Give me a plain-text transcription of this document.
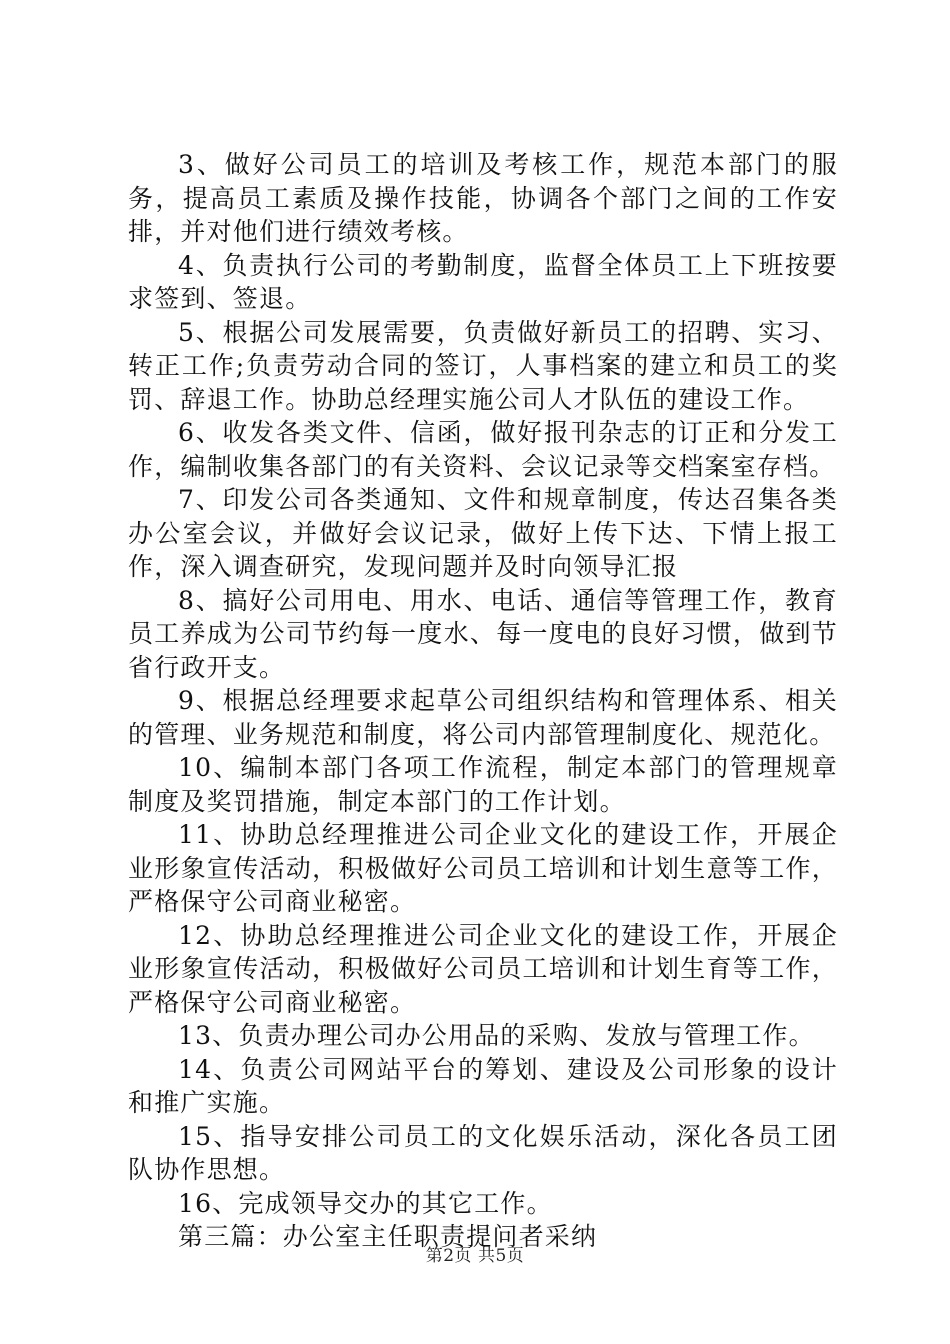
3、做好公司员工的培训及考核工作，规范本部门的服务，提高员工素质及操作技能，协调各个部门之间的工作安排，并对他们进行绩效考核。

4、负责执行公司的考勤制度，监督全体员工上下班按要求签到、签退。

5、根据公司发展需要，负责做好新员工的招聘、实习、转正工作;负责劳动合同的签订，人事档案的建立和员工的奖罚、辞退工作。协助总经理实施公司人才队伍的建设工作。

6、收发各类文件、信函，做好报刊杂志的订正和分发工作，编制收集各部门的有关资料、会议记录等交档案室存档。

7、印发公司各类通知、文件和规章制度，传达召集各类办公室会议，并做好会议记录，做好上传下达、下情上报工作，深入调查研究，发现问题并及时向领导汇报

8、搞好公司用电、用水、电话、通信等管理工作，教育员工养成为公司节约每一度水、每一度电的良好习惯，做到节省行政开支。

9、根据总经理要求起草公司组织结构和管理体系、相关的管理、业务规范和制度，将公司内部管理制度化、规范化。

10、编制本部门各项工作流程，制定本部门的管理规章制度及奖罚措施，制定本部门的工作计划。

11、协助总经理推进公司企业文化的建设工作，开展企业形象宣传活动，积极做好公司员工培训和计划生意等工作，严格保守公司商业秘密。

12、协助总经理推进公司企业文化的建设工作，开展企业形象宣传活动，积极做好公司员工培训和计划生育等工作，严格保守公司商业秘密。

13、负责办理公司办公用品的采购、发放与管理工作。

14、负责公司网站平台的筹划、建设及公司形象的设计和推广实施。

15、指导安排公司员工的文化娱乐活动，深化各员工团队协作思想。

16、完成领导交办的其它工作。

第三篇：办公室主任职责提问者采纳

第2页 共5页
